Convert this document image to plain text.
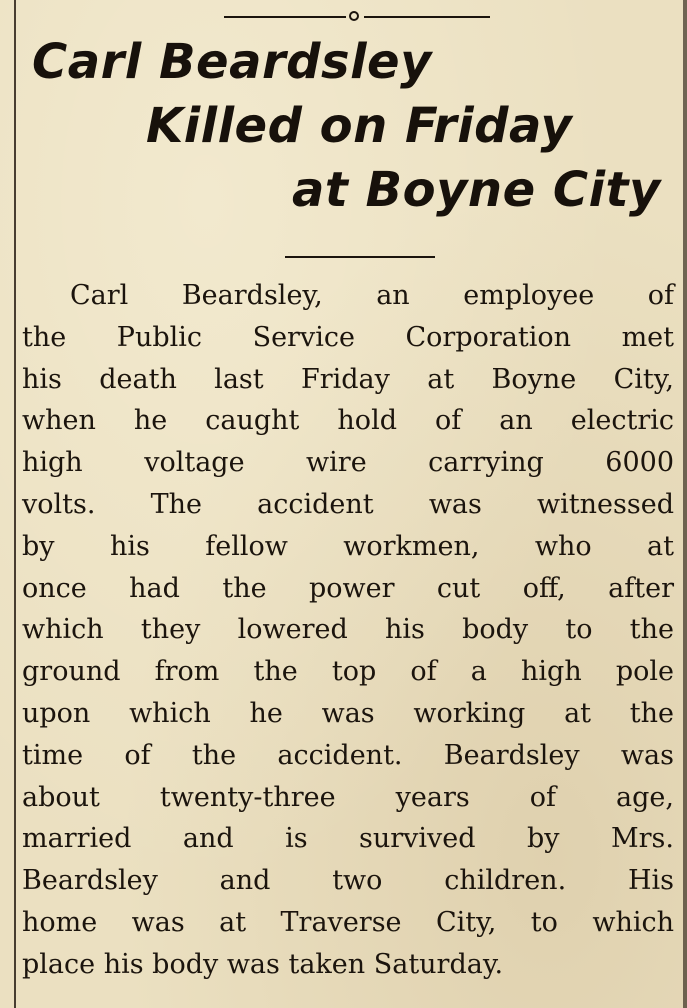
Carl Beardsley
Killed on Friday
at Boyne City
Carl Beardsley, an employee of
the Public Service Corporation met
his death last Friday at Boyne City,
when he caught hold of an electric
high voltage wire carrying 6000
volts. The accident was witnessed
by his fellow workmen, who at
once had the power cut off, after
which they lowered his body to the
ground from the top of a high pole
upon which he was working at the
time of the accident. Beardsley was
about twenty-three years of age,
married and is survived by Mrs.
Beardsley and two children. His
home was at Traverse City, to which
place his body was taken Saturday.
